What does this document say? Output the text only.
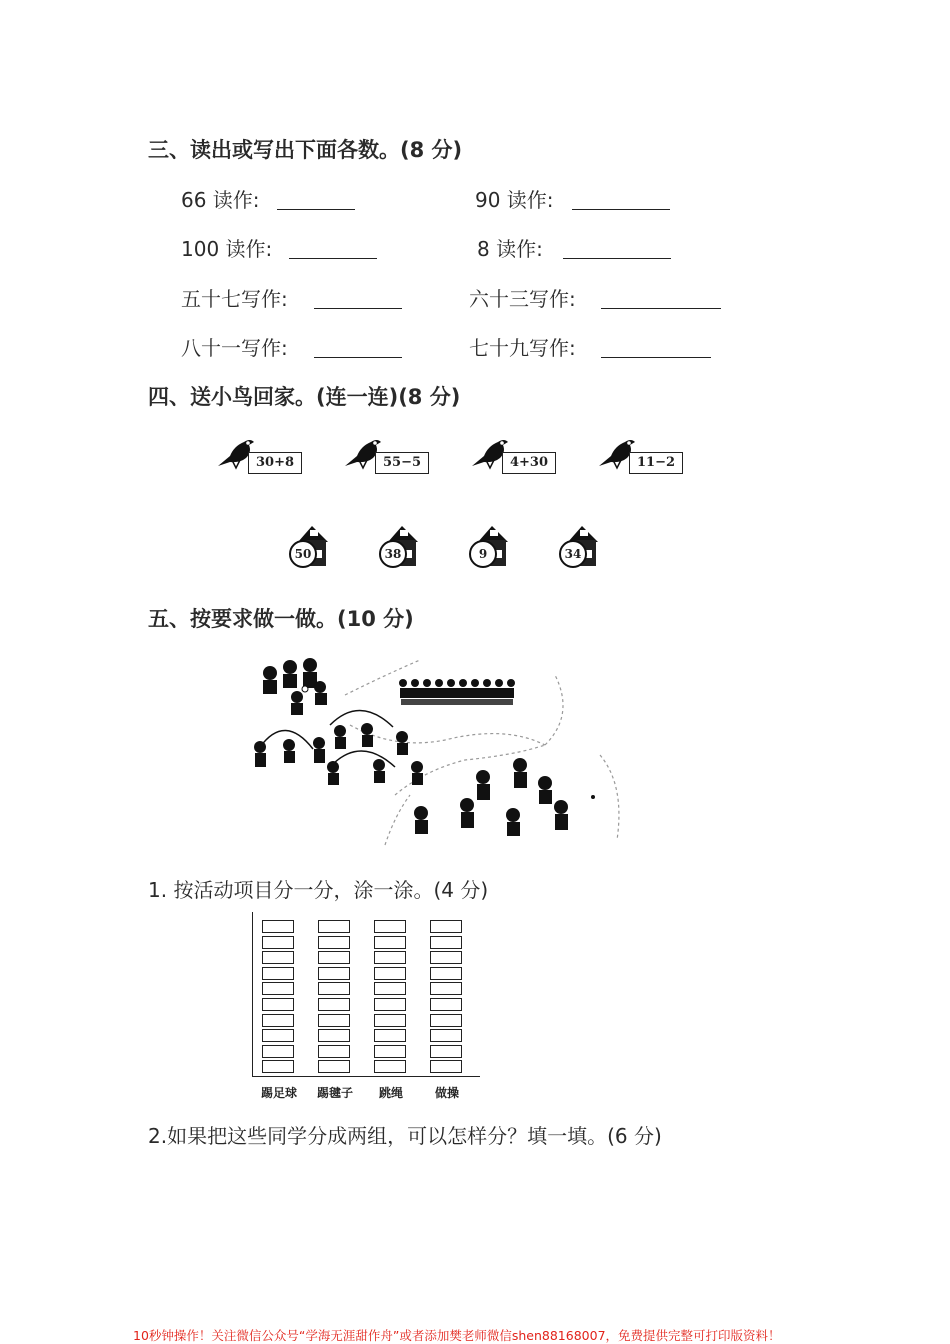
三、读出或写出下面各数。(8 分)
66 读作:	90 读作:
100 读作:	8 读作:
五十七写作:	六十三写作:
八十一写作:	七十九写作:
四、送小鸟回家。(连一连)(8 分)
30+8	55−5	4+30	11−2
50	38	9	34
五、按要求做一做。(10 分)
1. 按活动项目分一分，涂一涂。(4 分)
踢足球	踢毽子	跳绳	做操
2.如果把这些同学分成两组，可以怎样分？填一填。(6 分)
10秒钟操作！关注微信公众号“学海无涯甜作舟”或者添加樊老师微信shen88168007，免费提供完整可打印版资料！
